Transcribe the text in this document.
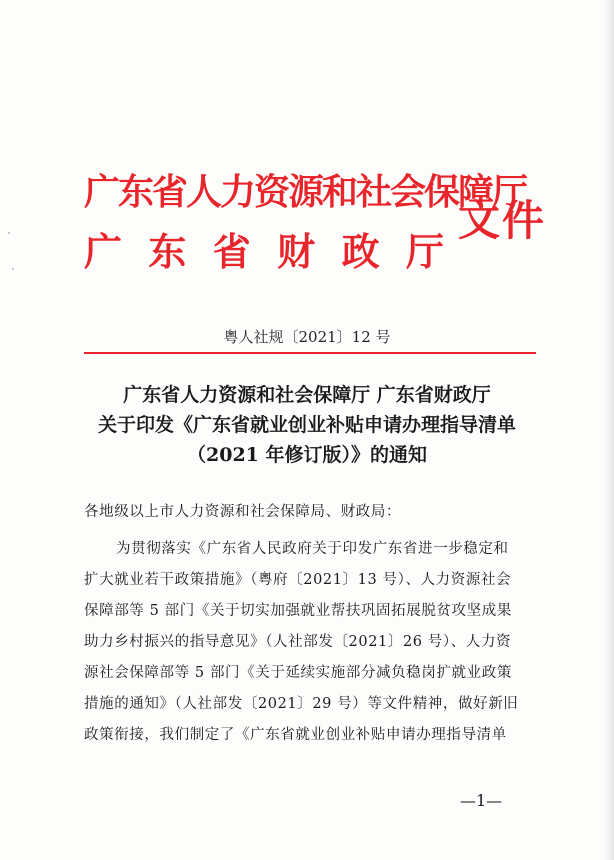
广东省人力资源和社会保障厅
广 东 省 财 政 厅
文件
粤人社规〔2021〕12 号
广东省人力资源和社会保障厅 广东省财政厅
关于印发《广东省就业创业补贴申请办理指导清单
（2021 年修订版）》的通知
各地级以上市人力资源和社会保障局、财政局：
为贯彻落实《广东省人民政府关于印发广东省进一步稳定和
扩大就业若干政策措施》（粤府〔2021〕13 号）、人力资源社会
保障部等 5 部门《关于切实加强就业帮扶巩固拓展脱贫攻坚成果
助力乡村振兴的指导意见》（人社部发〔2021〕26 号）、人力资
源社会保障部等 5 部门《关于延续实施部分减负稳岗扩就业政策
措施的通知》（人社部发〔2021〕29 号）等文件精神，做好新旧
政策衔接，我们制定了《广东省就业创业补贴申请办理指导清单
—1—
